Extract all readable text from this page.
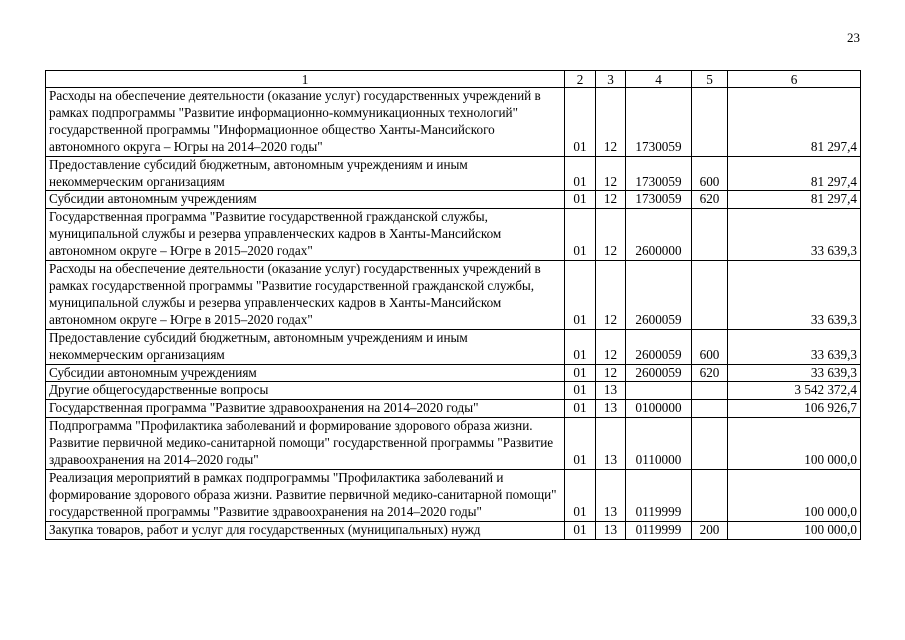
23
1	2	3	4	5	6
Расходы на обеспечение деятельности (оказание услуг) государственных учреждений в рамках подпрограммы "Развитие информационно-коммуникационных технологий" государственной программы "Информационное общество Ханты-Мансийского автономного округа – Югры на 2014–2020 годы"	01	12	1730059		81 297,4
Предоставление субсидий бюджетным, автономным учреждениям и иным некоммерческим организациям	01	12	1730059	600	81 297,4
Субсидии автономным учреждениям	01	12	1730059	620	81 297,4
Государственная программа "Развитие государственной гражданской службы, муниципальной службы и резерва управленческих кадров в Ханты-Мансийском автономном округе – Югре в 2015–2020 годах"	01	12	2600000		33 639,3
Расходы на обеспечение деятельности (оказание услуг) государственных учреждений в рамках государственной программы "Развитие государственной гражданской службы, муниципальной службы и резерва управленческих кадров в Ханты-Мансийском автономном округе – Югре в 2015–2020 годах"	01	12	2600059		33 639,3
Предоставление субсидий бюджетным, автономным учреждениям и иным некоммерческим организациям	01	12	2600059	600	33 639,3
Субсидии автономным учреждениям	01	12	2600059	620	33 639,3
Другие общегосударственные вопросы	01	13			3 542 372,4
Государственная программа "Развитие здравоохранения на 2014–2020 годы"	01	13	0100000		106 926,7
Подпрограмма "Профилактика заболеваний и формирование здорового образа жизни. Развитие первичной медико-санитарной помощи" государственной программы "Развитие здравоохранения на 2014–2020 годы"	01	13	0110000		100 000,0
Реализация мероприятий в рамках подпрограммы "Профилактика заболеваний и формирование здорового образа жизни. Развитие первичной медико-санитарной помощи" государственной программы "Развитие здравоохранения на 2014–2020 годы"	01	13	0119999		100 000,0
Закупка товаров, работ и услуг для государственных (муниципальных) нужд	01	13	0119999	200	100 000,0
